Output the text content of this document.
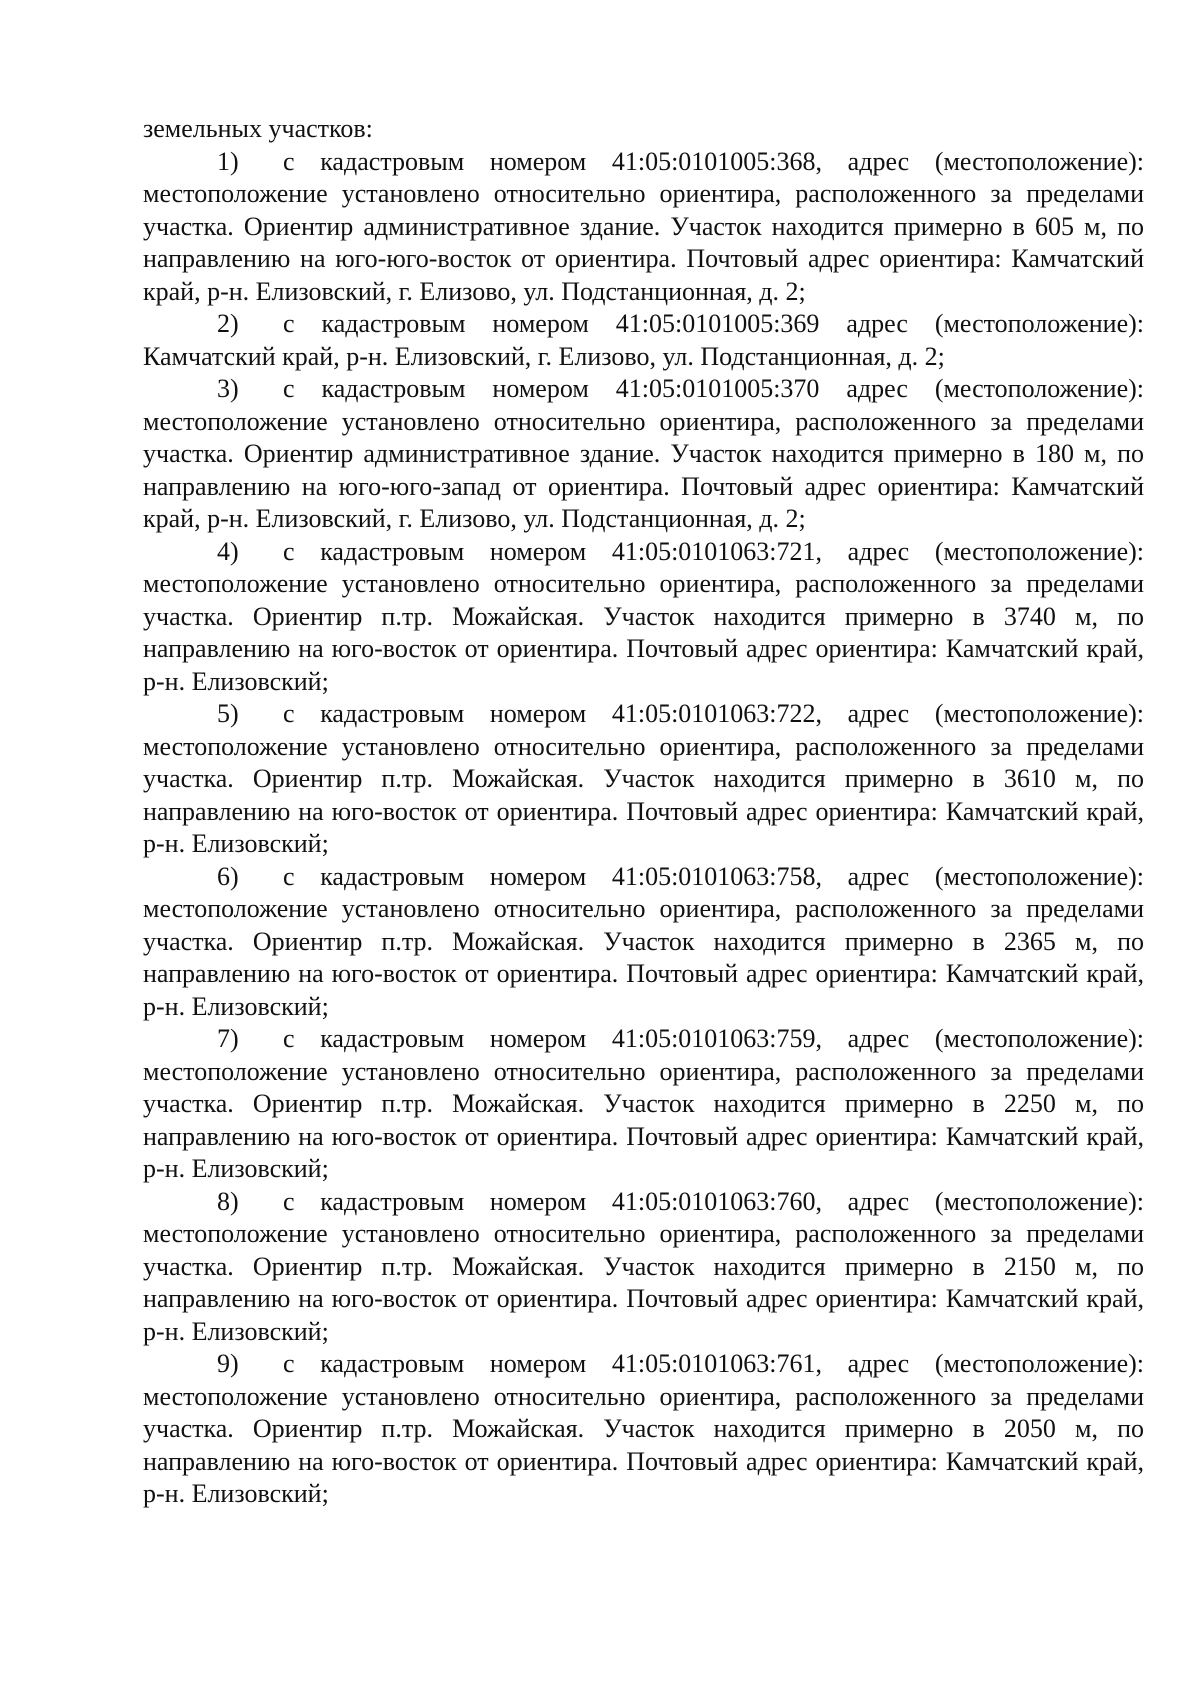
земельных участков:

1) с кадастровым номером 41:05:0101005:368, адрес (местоположение): местоположение установлено относительно ориентира, расположенного за пределами участка. Ориентир административное здание. Участок находится примерно в 605 м, по направлению на юго-юго-восток от ориентира. Почтовый адрес ориентира: Камчатский край, р-н. Елизовский, г. Елизово, ул. Подстанционная, д. 2;

2) с кадастровым номером 41:05:0101005:369 адрес (местоположение): Камчатский край, р-н. Елизовский, г. Елизово, ул. Подстанционная, д. 2;

3) с кадастровым номером 41:05:0101005:370 адрес (местоположение): местоположение установлено относительно ориентира, расположенного за пределами участка. Ориентир административное здание. Участок находится примерно в 180 м, по направлению на юго-юго-запад от ориентира. Почтовый адрес ориентира: Камчатский край, р-н. Елизовский, г. Елизово, ул. Подстанционная, д. 2;

4) с кадастровым номером 41:05:0101063:721, адрес (местоположение): местоположение установлено относительно ориентира, расположенного за пределами участка. Ориентир п.тр. Можайская. Участок находится примерно в 3740 м, по направлению на юго-восток от ориентира. Почтовый адрес ориентира: Камчатский край, р-н. Елизовский;

5) с кадастровым номером 41:05:0101063:722, адрес (местоположение): местоположение установлено относительно ориентира, расположенного за пределами участка. Ориентир п.тр. Можайская. Участок находится примерно в 3610 м, по направлению на юго-восток от ориентира. Почтовый адрес ориентира: Камчатский край, р-н. Елизовский;

6) с кадастровым номером 41:05:0101063:758, адрес (местоположение): местоположение установлено относительно ориентира, расположенного за пределами участка. Ориентир п.тр. Можайская. Участок находится примерно в 2365 м, по направлению на юго-восток от ориентира. Почтовый адрес ориентира: Камчатский край, р-н. Елизовский;

7) с кадастровым номером 41:05:0101063:759, адрес (местоположение): местоположение установлено относительно ориентира, расположенного за пределами участка. Ориентир п.тр. Можайская. Участок находится примерно в 2250 м, по направлению на юго-восток от ориентира. Почтовый адрес ориентира: Камчатский край, р-н. Елизовский;

8) с кадастровым номером 41:05:0101063:760, адрес (местоположение): местоположение установлено относительно ориентира, расположенного за пределами участка. Ориентир п.тр. Можайская. Участок находится примерно в 2150 м, по направлению на юго-восток от ориентира. Почтовый адрес ориентира: Камчатский край, р-н. Елизовский;

9) с кадастровым номером 41:05:0101063:761, адрес (местоположение): местоположение установлено относительно ориентира, расположенного за пределами участка. Ориентир п.тр. Можайская. Участок находится примерно в 2050 м, по направлению на юго-восток от ориентира. Почтовый адрес ориентира: Камчатский край, р-н. Елизовский;
